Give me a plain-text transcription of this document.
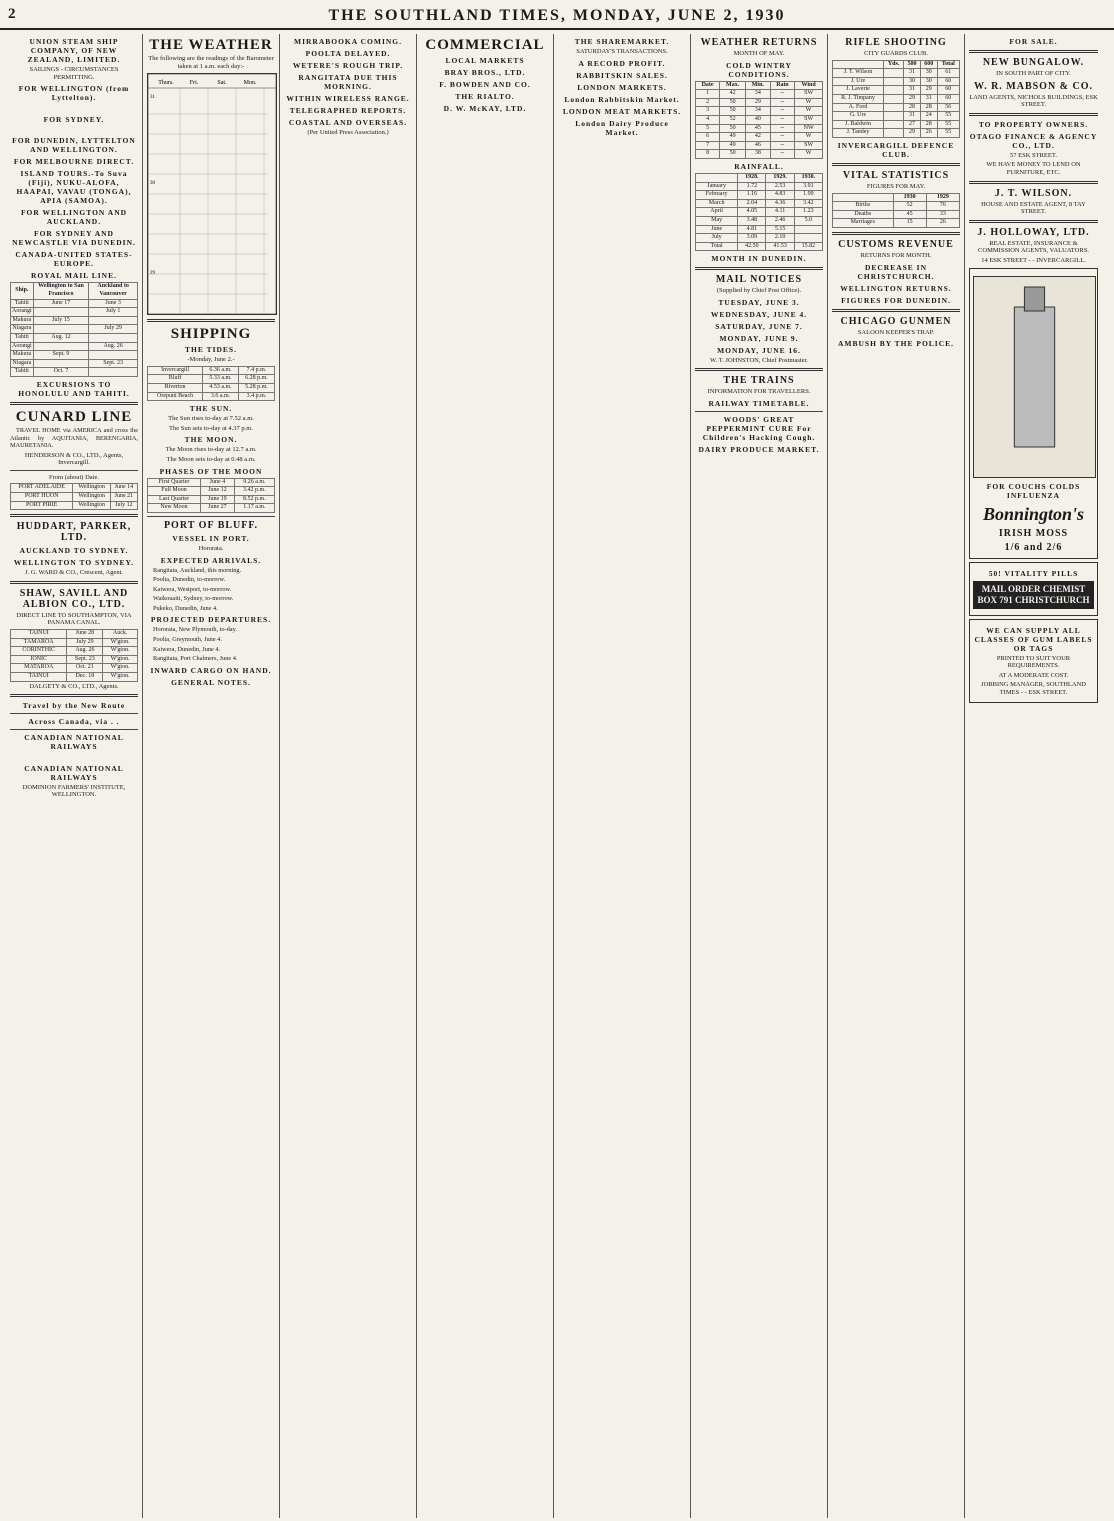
2	THE SOUTHLAND TIMES, MONDAY, JUNE 2, 1930
UNION STEAM SHIP COMPANY, OF NEW ZEALAND, LIMITED.
SAILINGS - CIRCUMSTANCES PERMITTING.
FOR WELLINGTON (from Lyttelton).

FOR SYDNEY.

FOR DUNEDIN, LYTTELTON AND WELLINGTON.
FOR MELBOURNE DIRECT.
ISLAND TOURS.-To Suva (Fiji), NUKU-ALOFA, HAAPAI, VAVAU (TONGA), APIA (SAMOA).
FOR WELLINGTON AND AUCKLAND.
FOR SYDNEY AND NEWCASTLE VIA DUNEDIN.
CANADA-UNITED STATES-EUROPE.
ROYAL MAIL LINE.
Ship.	Wellington to San Francisco	Auckland to Vancouver
Tahiti	June 17	June 3
Aorangi		July 1
Makura	July 15	
Niagara		July 29
Tahiti	Aug. 12	
Aorangi		Aug. 26
Makura	Sept. 9	
Niagara		Sept. 23
Tahiti	Oct. 7	
EXCURSIONS TO HONOLULU AND TAHITI.
CUNARD LINE

TRAVEL HOME via AMERICA and cross the Atlantic by AQUITANIA, BERENGARIA, MAURETANIA.

HENDERSON & CO., LTD., Agents, Invercargill.
From (about) Date.
PORT ADELAIDE	Wellington	June 14
PORT HUON	Wellington	June 21
PORT PIRIE	Wellington	July 12
HUDDART, PARKER, LTD.
AUCKLAND TO SYDNEY.
WELLINGTON TO SYDNEY.
J. G. WARD & CO., Crescent, Agent.
SHAW, SAVILL AND ALBION CO., LTD.
DIRECT LINE TO SOUTHAMPTON, VIA PANAMA CANAL.
TAINUI	June 28	Auck.
TAMAROA	July 29	W'gton.
CORINTHIC	Aug. 26	W'gton.
IONIC	Sept. 23	W'gton.
MATAROA	Oct. 21	W'gton.
TAINUI	Dec. 18	W'gton.
DALGETY & CO., LTD., Agents.
Travel by the New Route
Across Canada, via . .
CANADIAN NATIONAL RAILWAYS

CANADIAN NATIONAL RAILWAYS
DOMINION FARMERS' INSTITUTE, WELLINGTON.
THE WEATHER
The following are the readings of the Barometer taken at 1 a.m. each day:-
Thurs.	Fri.	Sat.	Mon.
31
30
29
SHIPPING
THE TIDES.
-Monday, June 2.-
Invercargill	6.36 a.m.	7.4 p.m.
Bluff	5.33 a.m.	6.28 p.m.
Riverton	4.53 a.m.	5.28 p.m.
Orepuni Beach	3.6 a.m.	3.4 p.m.
THE SUN.
The Sun rises to-day at 7.52 a.m.
The Sun sets to-day at 4.37 p.m.
THE MOON.
The Moon rises to-day at 12.7 a.m.
The Moon sets to-day at 0.48 a.m.
PHASES OF THE MOON
First Quarter	June 4	9.26 a.m.
Full Moon	June 12	3.42 p.m.
Last Quarter	June 19	8.52 p.m.
New Moon	June 27	1.17 a.m.
PORT OF BLUFF.
VESSEL IN PORT.
Hororata.
EXPECTED ARRIVALS.

Rangitata, Auckland, this morning.

Poolta, Dunedin, to-morrow.

Kaiwera, Westport, to-morrow.

Waikouaiti, Sydney, to-morrow.

Pukeko, Dunedin, June 4.

PROJECTED DEPARTURES.

Hororata, New Plymouth, to-day.

Poolta, Greymouth, June 4.

Kaiwera, Dunedin, June 4.

Rangitata, Port Chalmers, June 4.

INWARD CARGO ON HAND.
GENERAL NOTES.
MIRRABOOKA COMING.
POOLTA DELAYED.
WETERE'S ROUGH TRIP.
RANGITATA DUE THIS MORNING.
WITHIN WIRELESS RANGE.
TELEGRAPHED REPORTS.
COASTAL AND OVERSEAS.
(Per United Press Association.)
COMMERCIAL
LOCAL MARKETS
BRAY BROS., LTD.
F. BOWDEN AND CO.
THE RIALTO.
D. W. McKAY, LTD.
THE SHAREMARKET.
SATURDAY'S TRANSACTIONS.
A RECORD PROFIT.
RABBITSKIN SALES.
LONDON MARKETS.
London Rabbitskin Market.
LONDON MEAT MARKETS.
London Dairy Produce Market.
WEATHER RETURNS
MONTH OF MAY.
COLD WINTRY CONDITIONS.
Date	Max.	Min.	Rain	Wind
1	42	34	--	SW
2	50	29	--	W
3	50	34	--	W
4	52	40	--	SW
5	50	45	--	NW
6	49	42	--	W
7	49	46	--	SW
8	50	38	--	W
RAINFALL.
	1928.	1929.	1930.
January	1.72	2.53	3.91
February	1.16	4.83	1.99
March	2.04	4.36	3.42
April	4.05	4.11	1.23
May	3.48	2.46	5.0
June	4.81	5.15	
July	3.09	2.10	
Total	42.50	41.53	15.82
MONTH IN DUNEDIN.
MAIL NOTICES
(Supplied by Chief Post Office).
TUESDAY, JUNE 3.
WEDNESDAY, JUNE 4.
SATURDAY, JUNE 7.
MONDAY, JUNE 9.
MONDAY, JUNE 16.
W. T. JOHNSTON, Chief Postmaster.
THE TRAINS
INFORMATION FOR TRAVELLERS.
RAILWAY TIMETABLE.
WOODS' GREAT PEPPERMINT CURE For Children's Hacking Cough.
DAIRY PRODUCE MARKET.
RIFLE SHOOTING
CITY GUARDS CLUB.
	Yds.	500	600	Total
J. T. Wilson		31	30	61
J. Ure		30	30	60
J. Laverie		31	29	60
R. J. Timpany		29	31	60
A. Ford		28	28	56
G. Ure		31	24	55
J. Baldwin		27	28	55
J. Tandey		29	26	55
INVERCARGILL DEFENCE CLUB.
VITAL STATISTICS
FIGURES FOR MAY.
	1930	1929
Births	52	76
Deaths	45	33
Marriages	15	26
CUSTOMS REVENUE
RETURNS FOR MONTH.
DECREASE IN CHRISTCHURCH.
WELLINGTON RETURNS.
FIGURES FOR DUNEDIN.
CHICAGO GUNMEN
SALOON KEEPER'S TRAP.
AMBUSH BY THE POLICE.
FOR SALE.
NEW BUNGALOW.
IN SOUTH PART OF CITY.
W. R. MABSON & CO.
LAND AGENTS, NICHOLS BUILDINGS, ESK STREET.
TO PROPERTY OWNERS.
OTAGO FINANCE & AGENCY CO., LTD.
57 ESK STREET.
WE HAVE MONEY TO LEND ON FURNITURE, ETC.
J. T. WILSON.
HOUSE AND ESTATE AGENT, 8 TAY STREET.
J. HOLLOWAY, LTD.
REAL ESTATE, INSURANCE & COMMISSION AGENTS, VALUATORS.
14 ESK STREET - - INVERCARGILL.
FOR COUCHS COLDS INFLUENZA
Bonnington's
IRISH MOSS
1/6 and 2/6
50! VITALITY PILLS
MAIL ORDER CHEMIST BOX 791 CHRISTCHURCH
WE CAN SUPPLY ALL CLASSES OF GUM LABELS OR TAGS
PRINTED TO SUIT YOUR REQUIREMENTS.
AT A MODERATE COST.
JOBBING MANAGER, SOUTHLAND TIMES - - ESK STREET.
